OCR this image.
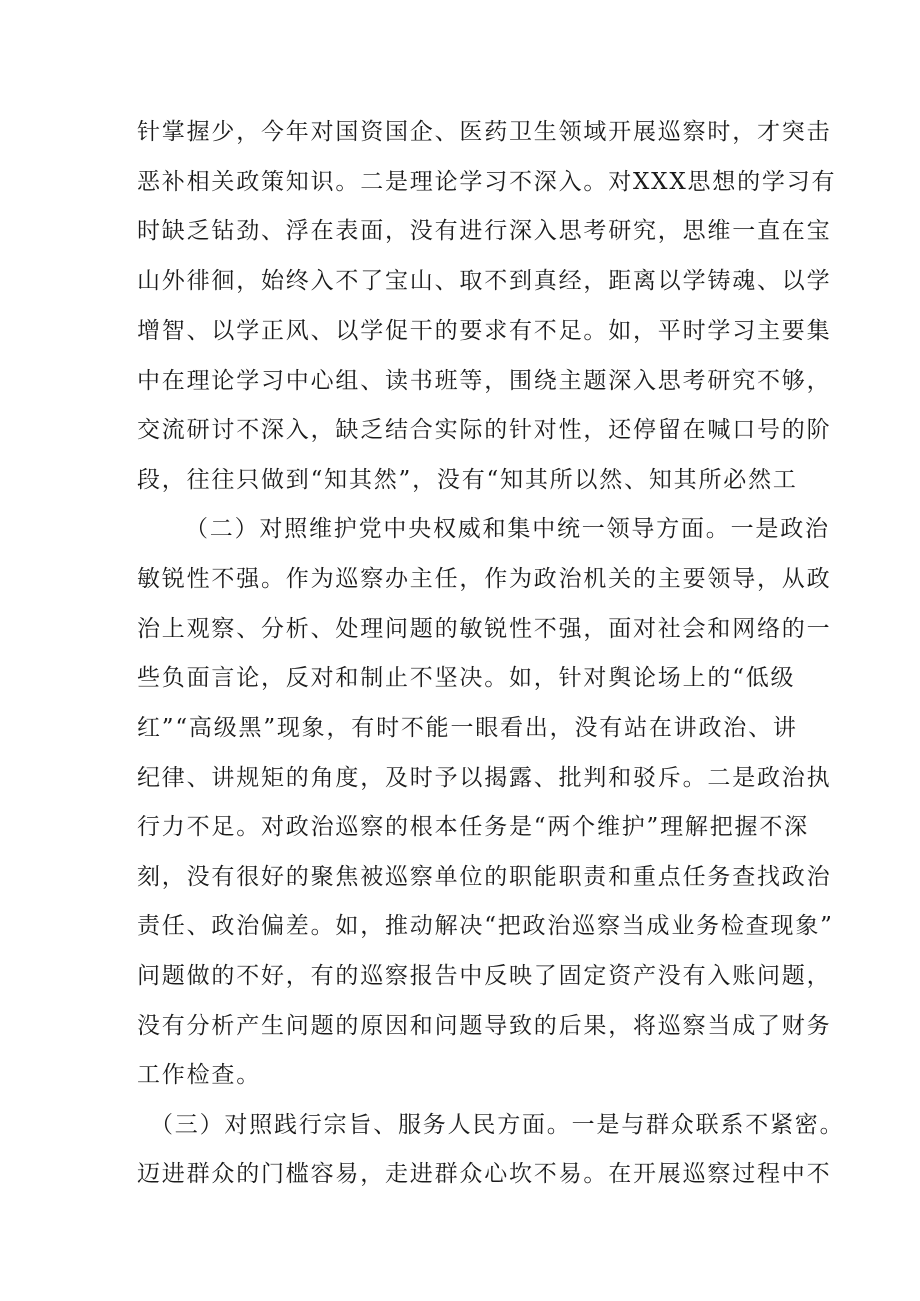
针掌握少，今年对国资国企、医药卫生领域开展巡察时，才突击
恶补相关政策知识。二是理论学习不深入。对XXX思想的学习有
时缺乏钻劲、浮在表面，没有进行深入思考研究，思维一直在宝
山外徘徊，始终入不了宝山、取不到真经，距离以学铸魂、以学
增智、以学正风、以学促干的要求有不足。如，平时学习主要集
中在理论学习中心组、读书班等，围绕主题深入思考研究不够，
交流研讨不深入，缺乏结合实际的针对性，还停留在喊口号的阶
段，往往只做到“知其然”，没有“知其所以然、知其所必然工
（二）对照维护党中央权威和集中统一领导方面。一是政治
敏锐性不强。作为巡察办主任，作为政治机关的主要领导，从政
治上观察、分析、处理问题的敏锐性不强，面对社会和网络的一
些负面言论，反对和制止不坚决。如，针对舆论场上的“低级
红”“高级黑”现象，有时不能一眼看出，没有站在讲政治、讲
纪律、讲规矩的角度，及时予以揭露、批判和驳斥。二是政治执
行力不足。对政治巡察的根本任务是“两个维护”理解把握不深
刻，没有很好的聚焦被巡察单位的职能职责和重点任务查找政治
责任、政治偏差。如，推动解决“把政治巡察当成业务检查现象”
问题做的不好，有的巡察报告中反映了固定资产没有入账问题，
没有分析产生问题的原因和问题导致的后果，将巡察当成了财务
工作检查。
（三）对照践行宗旨、服务人民方面。一是与群众联系不紧密。
迈进群众的门槛容易，走进群众心坎不易。在开展巡察过程中不
